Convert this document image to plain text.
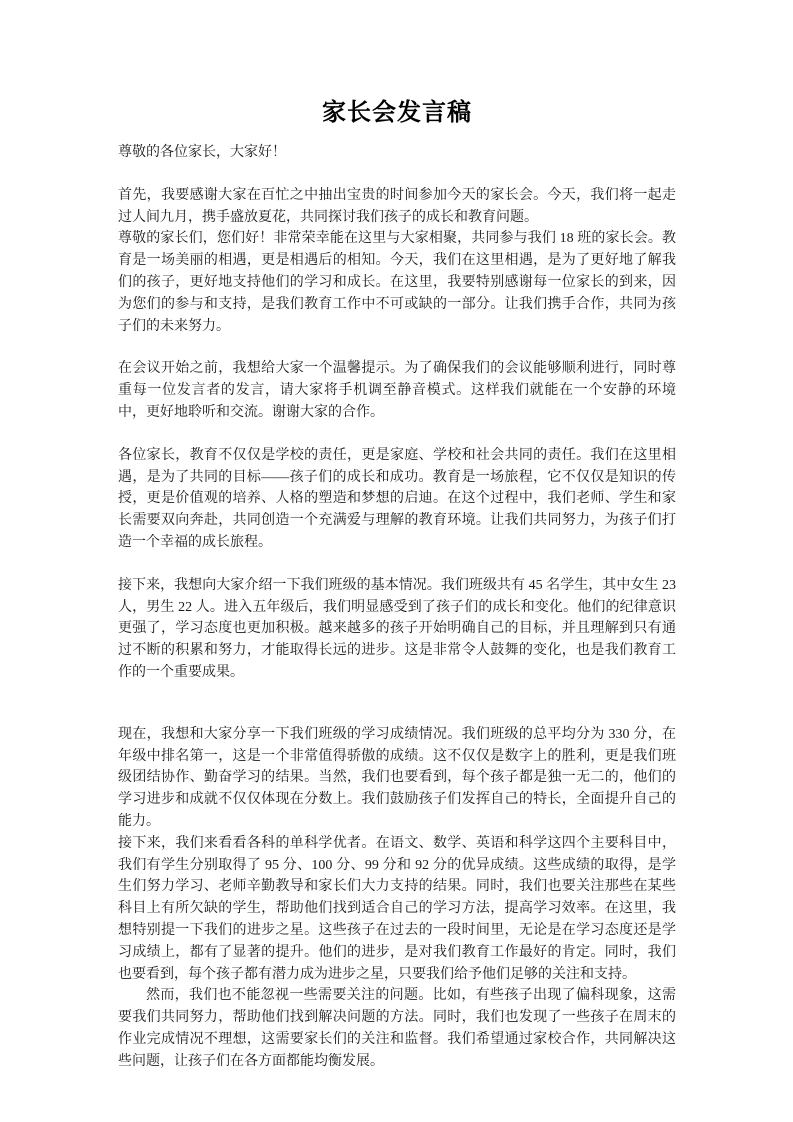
家长会发言稿

尊敬的各位家长，大家好！

首先，我要感谢大家在百忙之中抽出宝贵的时间参加今天的家长会。今天，我们将一起走过人间九月，携手盛放夏花，共同探讨我们孩子的成长和教育问题。

尊敬的家长们，您们好！非常荣幸能在这里与大家相聚，共同参与我们 18 班的家长会。教育是一场美丽的相遇，更是相遇后的相知。今天，我们在这里相遇，是为了更好地了解我们的孩子，更好地支持他们的学习和成长。在这里，我要特别感谢每一位家长的到来，因为您们的参与和支持，是我们教育工作中不可或缺的一部分。让我们携手合作，共同为孩子们的未来努力。

在会议开始之前，我想给大家一个温馨提示。为了确保我们的会议能够顺利进行，同时尊重每一位发言者的发言，请大家将手机调至静音模式。这样我们就能在一个安静的环境中，更好地聆听和交流。谢谢大家的合作。

各位家长，教育不仅仅是学校的责任，更是家庭、学校和社会共同的责任。我们在这里相遇，是为了共同的目标——孩子们的成长和成功。教育是一场旅程，它不仅仅是知识的传授，更是价值观的培养、人格的塑造和梦想的启迪。在这个过程中，我们老师、学生和家长需要双向奔赴，共同创造一个充满爱与理解的教育环境。让我们共同努力，为孩子们打造一个幸福的成长旅程。

接下来，我想向大家介绍一下我们班级的基本情况。我们班级共有 45 名学生，其中女生 23 人，男生 22 人。进入五年级后，我们明显感受到了孩子们的成长和变化。他们的纪律意识更强了，学习态度也更加积极。越来越多的孩子开始明确自己的目标，并且理解到只有通过不断的积累和努力，才能取得长远的进步。这是非常令人鼓舞的变化，也是我们教育工作的一个重要成果。

现在，我想和大家分享一下我们班级的学习成绩情况。我们班级的总平均分为 330 分，在年级中排名第一，这是一个非常值得骄傲的成绩。这不仅仅是数字上的胜利，更是我们班级团结协作、勤奋学习的结果。当然，我们也要看到，每个孩子都是独一无二的，他们的学习进步和成就不仅仅体现在分数上。我们鼓励孩子们发挥自己的特长，全面提升自己的能力。

接下来，我们来看看各科的单科学优者。在语文、数学、英语和科学这四个主要科目中，我们有学生分别取得了 95 分、100 分、99 分和 92 分的优异成绩。这些成绩的取得，是学生们努力学习、老师辛勤教导和家长们大力支持的结果。同时，我们也要关注那些在某些科目上有所欠缺的学生，帮助他们找到适合自己的学习方法，提高学习效率。在这里，我想特别提一下我们的进步之星。这些孩子在过去的一段时间里，无论是在学习态度还是学习成绩上，都有了显著的提升。他们的进步，是对我们教育工作最好的肯定。同时，我们也要看到，每个孩子都有潜力成为进步之星，只要我们给予他们足够的关注和支持。

然而，我们也不能忽视一些需要关注的问题。比如，有些孩子出现了偏科现象，这需要我们共同努力，帮助他们找到解决问题的方法。同时，我们也发现了一些孩子在周末的作业完成情况不理想，这需要家长们的关注和监督。我们希望通过家校合作，共同解决这些问题，让孩子们在各方面都能均衡发展。
